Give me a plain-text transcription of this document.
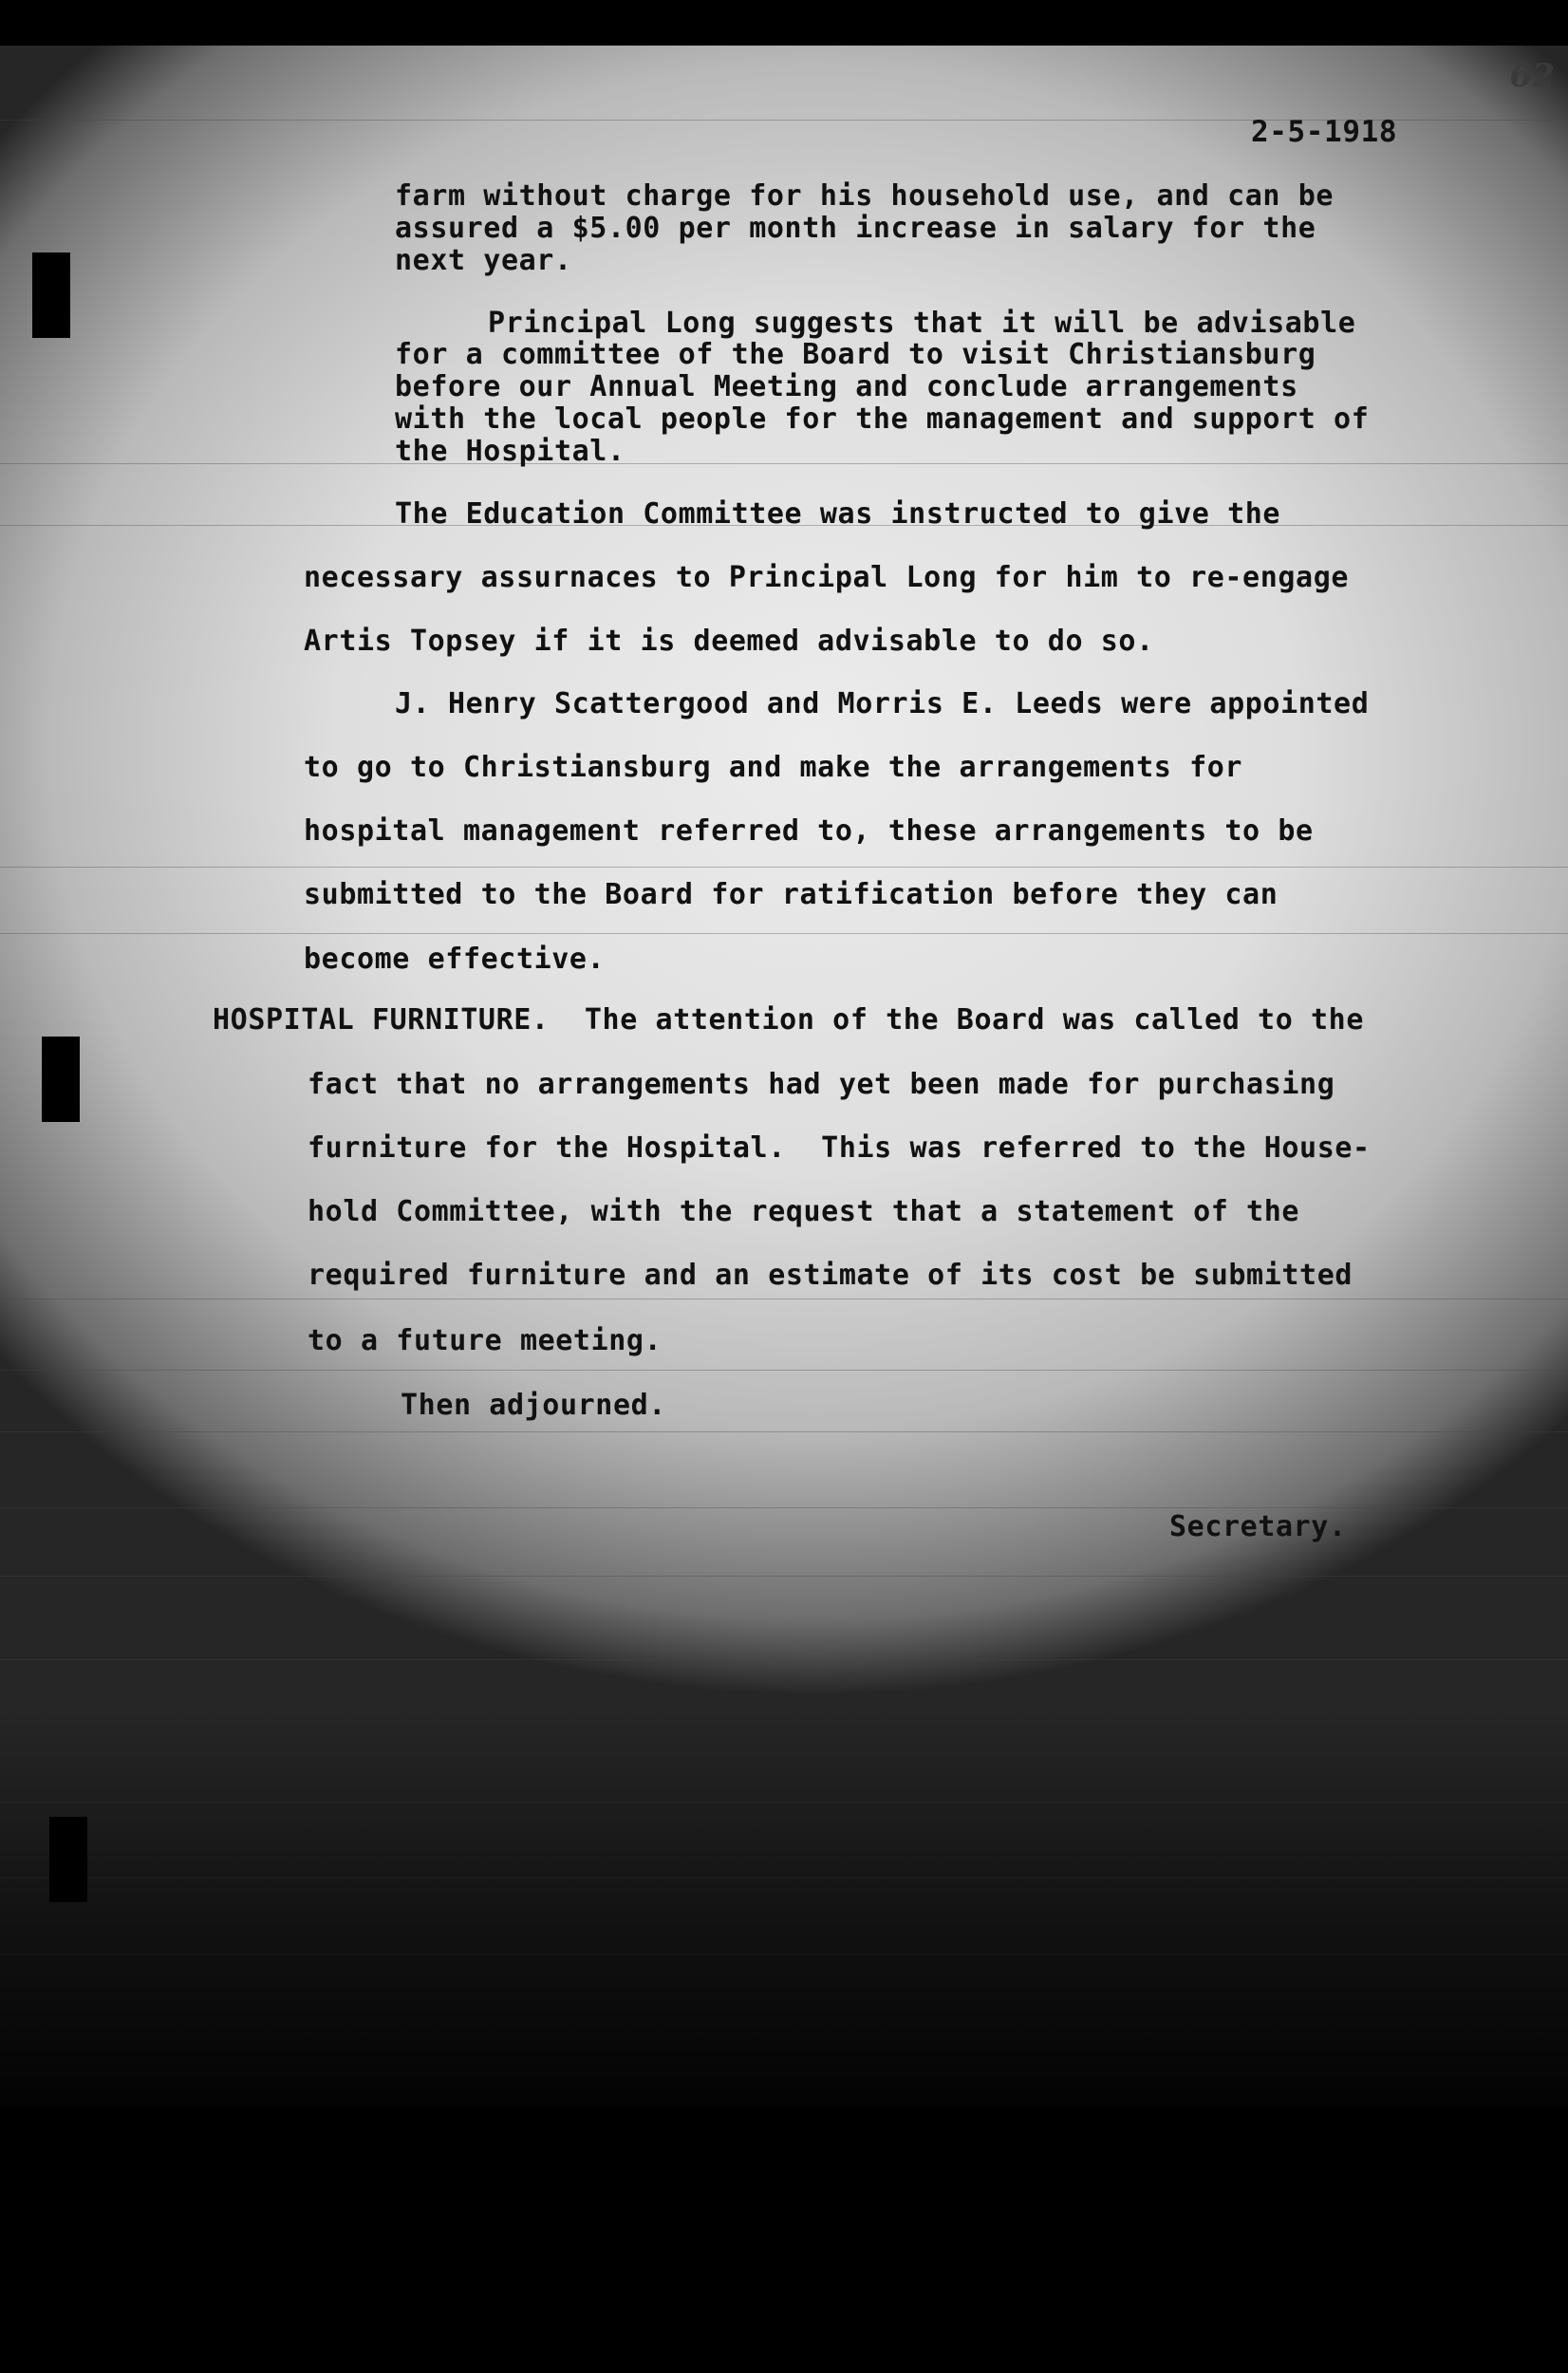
62
2-5-1918
farm without charge for his household use, and can be
assured a $5.00 per month increase in salary for the
next year.
Principal Long suggests that it will be advisable
for a committee of the Board to visit Christiansburg
before our Annual Meeting and conclude arrangements
with the local people for the management and support of
the Hospital.
The Education Committee was instructed to give the
necessary assurnaces to Principal Long for him to re-engage
Artis Topsey if it is deemed advisable to do so.
J. Henry Scattergood and Morris E. Leeds were appointed
to go to Christiansburg and make the arrangements for
hospital management referred to, these arrangements to be
submitted to the Board for ratification before they can
become effective.
HOSPITAL FURNITURE.  The attention of the Board was called to the
fact that no arrangements had yet been made for purchasing
furniture for the Hospital.  This was referred to the House-
hold Committee, with the request that a statement of the
required furniture and an estimate of its cost be submitted
to a future meeting.
Then adjourned.
Secretary.
